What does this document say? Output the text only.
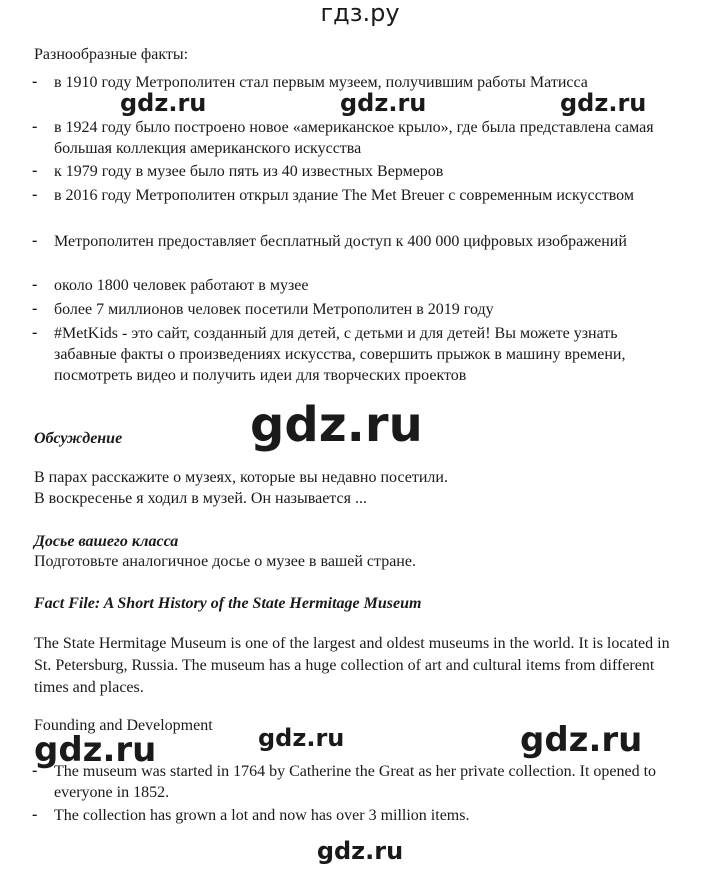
гдз.ру
Разнообразные факты:
- в 1910 году Метрополитен стал первым музеем, получившим работы Матисса
- в 1924 году было построено новое «американское крыло», где была представлена самая большая коллекция американского искусства
- к 1979 году в музее было пять из 40 известных Вермеров
- в 2016 году Метрополитен открыл здание The Met Breuer с современным искусством
- Метрополитен предоставляет бесплатный доступ к 400 000 цифровых изображений
- около 1800 человек работают в музее
- более 7 миллионов человек посетили Метрополитен в 2019 году
- #MetKids - это сайт, созданный для детей, с детьми и для детей! Вы можете узнать забавные факты о произведениях искусства, совершить прыжок в машину времени, посмотреть видео и получить идеи для творческих проектов
Обсуждение
В парах расскажите о музеях, которые вы недавно посетили.
В воскресенье я ходил в музей. Он называется ...
Досье вашего класса
Подготовьте аналогичное досье о музее в вашей стране.
Fact File: A Short History of the State Hermitage Museum
The State Hermitage Museum is one of the largest and oldest museums in the world. It is located in St. Petersburg, Russia. The museum has a huge collection of art and cultural items from different times and places.
Founding and Development
- The museum was started in 1764 by Catherine the Great as her private collection. It opened to everyone in 1852.
- The collection has grown a lot and now has over 3 million items.
gdz.ru	gdz.ru	gdz.ru
gdz.ru
gdz.ru	gdz.ru	gdz.ru
gdz.ru
